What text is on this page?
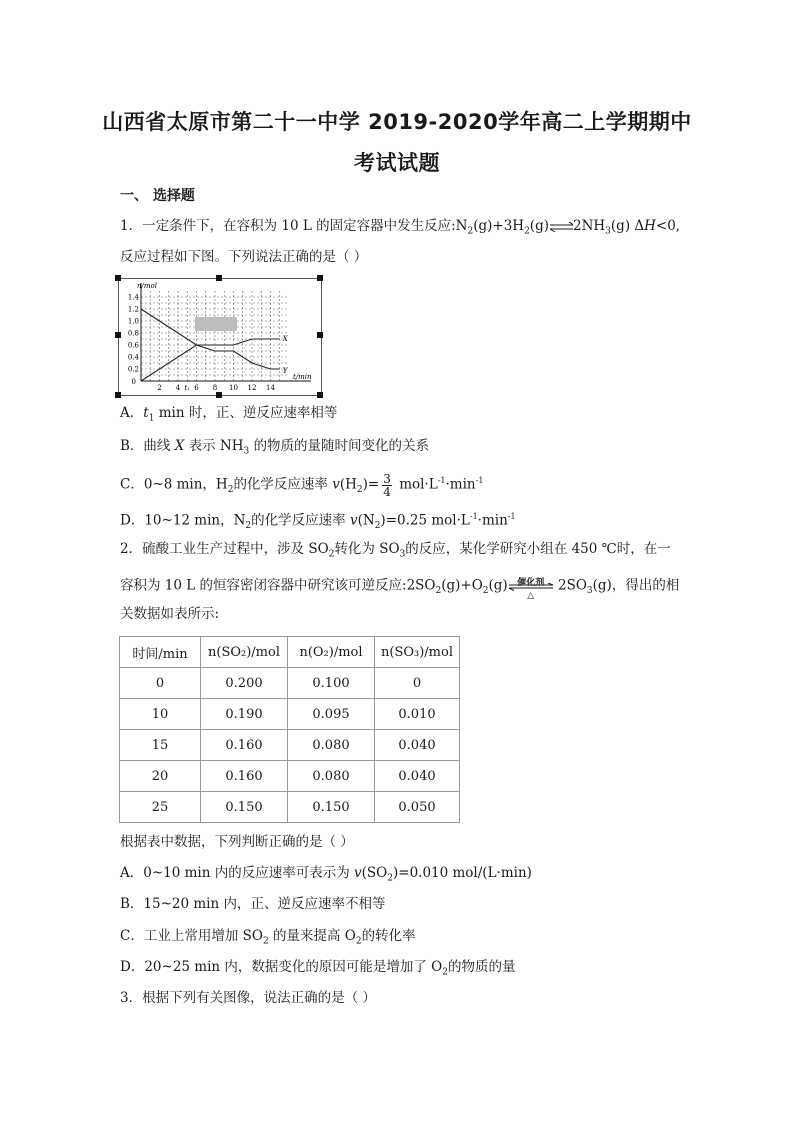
山西省太原市第二十一中学 2019-2020学年高二上学期期中
考试试题
一、 选择题
1．一定条件下，在容积为 10 L 的固定容器中发生反应$:N_2(g)+3H_2(g)\rightleftharpoons 2NH_3(g)$ ΔH<0,
反应过程如下图。下列说法正确的是（ ）
n/mol
t/min
1.4
1.2
1.0
0.8
0.6
0.4
0.2
0
2 4 t₁ 6 8 10 12 14
X
Y
A．$t_1$ min 时，正、逆反应速率相等
B．曲线 X 表示 $NH_3$ 的物质的量随时间变化的关系
C．0~8 min，$H_2$的化学反应速率 $v(H_2)= \frac{3}{4} mol\cdot L^{-1}\cdot\min^{-1}$
D．10~12 min，$N_2$的化学反应速率 $v(N_2)=0.25$ $mol\cdot L^{-1}\cdot\min^{-1}$
2．硫酸工业生产过程中，涉及 $SO_2$转化为 $SO_3$的反应，某化学研究小组在 450 ℃时，在一
容积为 10 L 的恒容密闭容器中研究该可逆反应$:2SO_2(g)+O_2(g)$	催化剂
△
$2SO_3(g)$，得出的相
关数据如表所示:
时间/min	n(SO₂)/mol	n(O₂)/mol	n(SO₃)/mol
0	0.200	0.100	0
10	0.190	0.095	0.010
15	0.160	0.080	0.040
20	0.160	0.080	0.040
25	0.150	0.150	0.050
根据表中数据，下列判断正确的是（ ）
A．0~10 min 内的反应速率可表示为 $v(SO_2)=0.010$ mol/(L·min)
B．15~20 min 内，正、逆反应速率不相等
C．工业上常用增加 $SO_2$ 的量来提高 $O_2$的转化率
D．20~25 min 内，数据变化的原因可能是增加了 $O_2$的物质的量
3．根据下列有关图像，说法正确的是（ ）
